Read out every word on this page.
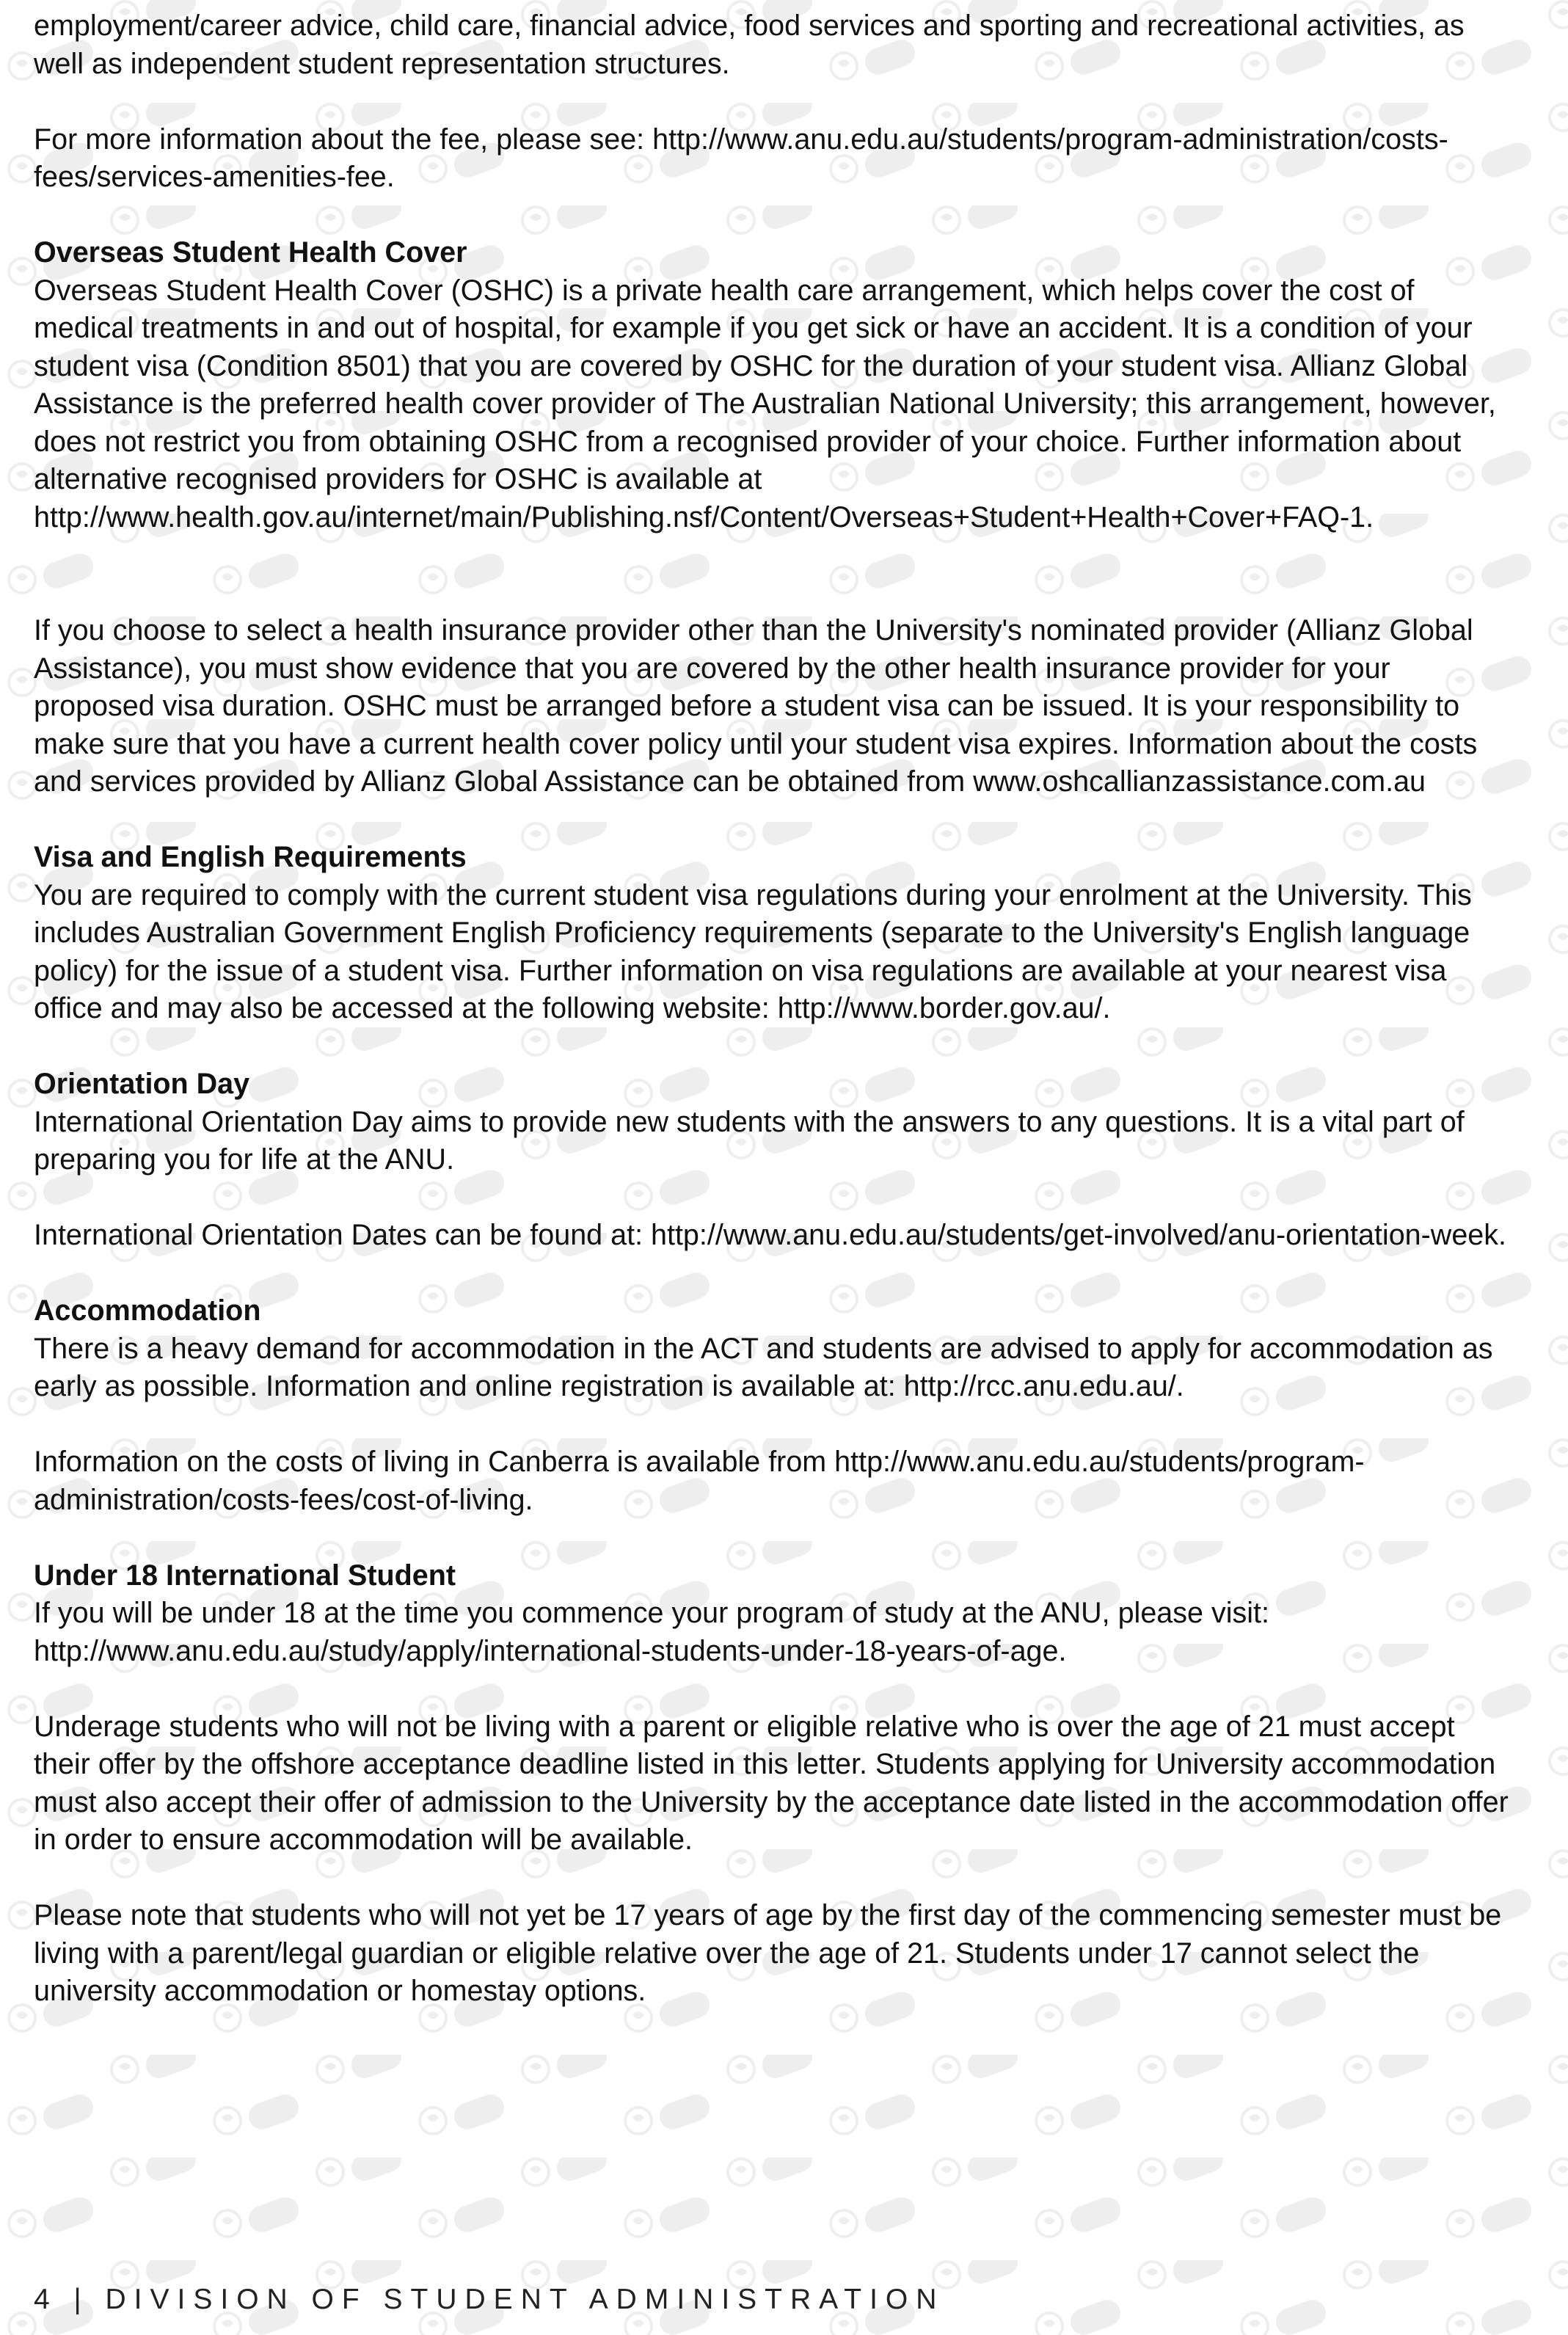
employment/career advice, child care, financial advice, food services and sporting and recreational activities, as well as independent student representation structures.

For more information about the fee, please see: http://www.anu.edu.au/students/program-administration/costs-fees/services-amenities-fee.

Overseas Student Health Cover

Overseas Student Health Cover (OSHC) is a private health care arrangement, which helps cover the cost of medical treatments in and out of hospital, for example if you get sick or have an accident. It is a condition of your student visa (Condition 8501) that you are covered by OSHC for the duration of your student visa. Allianz Global Assistance is the preferred health cover provider of The Australian National University; this arrangement, however, does not restrict you from obtaining OSHC from a recognised provider of your choice. Further information about alternative recognised providers for OSHC is available at http://www.health.gov.au/internet/main/Publishing.nsf/Content/Overseas+Student+Health+Cover+FAQ-1.

If you choose to select a health insurance provider other than the University's nominated provider (Allianz Global Assistance), you must show evidence that you are covered by the other health insurance provider for your proposed visa duration. OSHC must be arranged before a student visa can be issued. It is your responsibility to make sure that you have a current health cover policy until your student visa expires. Information about the costs and services provided by Allianz Global Assistance can be obtained from www.oshcallianzassistance.com.au

Visa and English Requirements

You are required to comply with the current student visa regulations during your enrolment at the University. This includes Australian Government English Proficiency requirements (separate to the University's English language policy) for the issue of a student visa. Further information on visa regulations are available at your nearest visa office and may also be accessed at the following website: http://www.border.gov.au/.

Orientation Day

International Orientation Day aims to provide new students with the answers to any questions. It is a vital part of preparing you for life at the ANU.

International Orientation Dates can be found at: http://www.anu.edu.au/students/get-involved/anu-orientation-week.

Accommodation

There is a heavy demand for accommodation in the ACT and students are advised to apply for accommodation as early as possible. Information and online registration is available at: http://rcc.anu.edu.au/.

Information on the costs of living in Canberra is available from http://www.anu.edu.au/students/program-administration/costs-fees/cost-of-living.

Under 18 International Student

If you will be under 18 at the time you commence your program of study at the ANU, please visit: http://www.anu.edu.au/study/apply/international-students-under-18-years-of-age.

Underage students who will not be living with a parent or eligible relative who is over the age of 21 must accept their offer by the offshore acceptance deadline listed in this letter. Students applying for University accommodation must also accept their offer of admission to the University by the acceptance date listed in the accommodation offer in order to ensure accommodation will be available.

Please note that students who will not yet be 17 years of age by the first day of the commencing semester must be living with a parent/legal guardian or eligible relative over the age of 21. Students under 17 cannot select the university accommodation or homestay options.

4 | DIVISION OF STUDENT ADMINISTRATION
